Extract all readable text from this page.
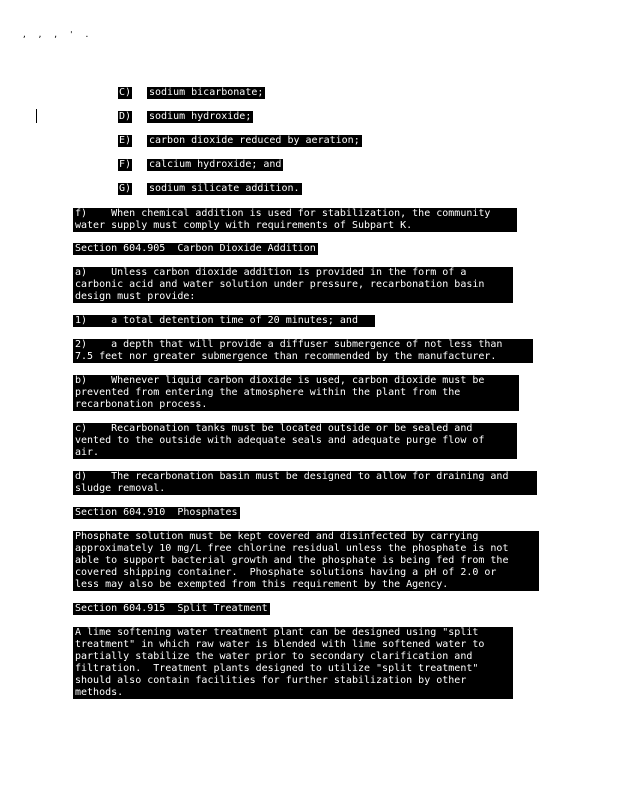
, , , ' .
C) sodium bicarbonate;
D) sodium hydroxide;
E) carbon dioxide reduced by aeration;
F) calcium hydroxide; and
G) sodium silicate addition.
f)    When chemical addition is used for stabilization, the community
water supply must comply with requirements of Subpart K.
Section 604.905  Carbon Dioxide Addition
a)    Unless carbon dioxide addition is provided in the form of a
carbonic acid and water solution under pressure, recarbonation basin
design must provide:
1)    a total detention time of 20 minutes; and
2)    a depth that will provide a diffuser submergence of not less than
7.5 feet nor greater submergence than recommended by the manufacturer.
b)    Whenever liquid carbon dioxide is used, carbon dioxide must be
prevented from entering the atmosphere within the plant from the
recarbonation process.
c)    Recarbonation tanks must be located outside or be sealed and
vented to the outside with adequate seals and adequate purge flow of
air.
d)    The recarbonation basin must be designed to allow for draining and
sludge removal.
Section 604.910  Phosphates
Phosphate solution must be kept covered and disinfected by carrying
approximately 10 mg/L free chlorine residual unless the phosphate is not
able to support bacterial growth and the phosphate is being fed from the
covered shipping container.  Phosphate solutions having a pH of 2.0 or
less may also be exempted from this requirement by the Agency.
Section 604.915  Split Treatment
A lime softening water treatment plant can be designed using "split
treatment" in which raw water is blended with lime softened water to
partially stabilize the water prior to secondary clarification and
filtration.  Treatment plants designed to utilize "split treatment"
should also contain facilities for further stabilization by other
methods.
